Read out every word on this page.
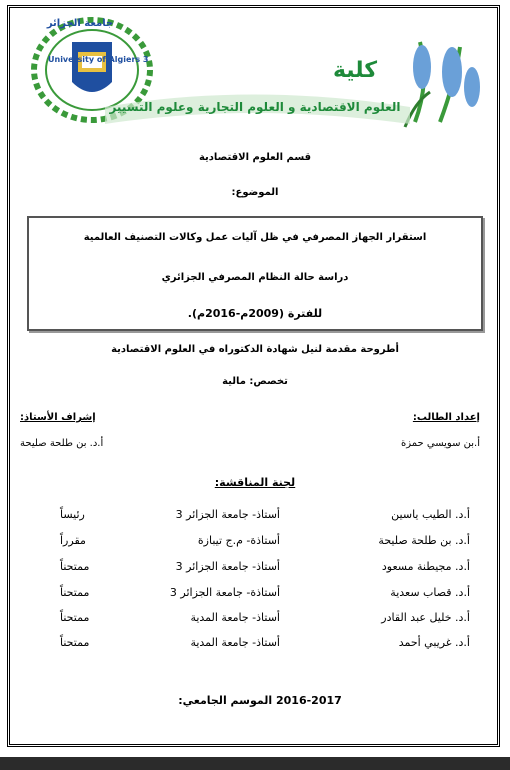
جامعة الجزائر
University of Algiers 3	كلية
العلوم الاقتصادية و العلوم التجارية وعلوم التسيير
قسم العلوم الاقتصادية
الموضوع:
استقرار الجهاز المصرفي في ظل آليات عمل وكالات التصنيف العالمية
دراسة حالة النظام المصرفي الجزائري
للفترة (2009م-2016م).
أطروحة مقدمة لنيل شهادة الدكتوراه في العلوم الاقتصادية
تخصص: مالية
إعداد الطالب:
أ.بن سويسي حمزة
إشراف الأستاذ:
أ.د. بن طلحة صليحة
لجنة المناقشة:
أ.د. الطيب ياسين
أستاذ- جامعة الجزائر 3
رئيساً
أ.د. بن طلحة صليحة
أستاذة- م.ج تيبازة
مقرراً
أ.د. مجيطنة مسعود
أستاذ- جامعة الجزائر 3
ممتحناً
أ.د. قصاب سعدية
أستاذة- جامعة الجزائر 3
ممتحناً
أ.د. خليل عبد القادر
أستاذ- جامعة المدية
ممتحناً
أ.د. غريبي أحمد
أستاذ- جامعة المدية
ممتحناً
الموسم الجامعي: 2016-2017
